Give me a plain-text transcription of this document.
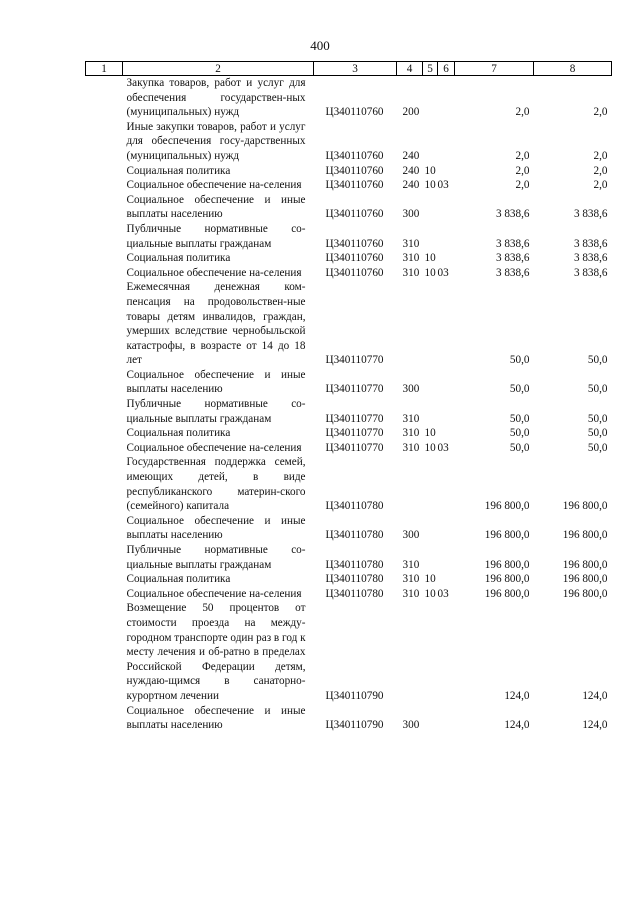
400
1	2	3	4	5	6	7	8
	Закупка товаров, работ и услуг для обеспечения государствен-ных (муниципальных) нужд	Ц340110760	200			2,0	2,0
	Иные закупки товаров, работ и услуг для обеспечения госу-дарственных (муниципальных) нужд	Ц340110760	240			2,0	2,0
	Социальная политика	Ц340110760	240	10		2,0	2,0
	Социальное обеспечение на-селения	Ц340110760	240	10	03	2,0	2,0
	Социальное обеспечение и иные выплаты населению	Ц340110760	300			3 838,6	3 838,6
	Публичные нормативные со-циальные выплаты гражданам	Ц340110760	310			3 838,6	3 838,6
	Социальная политика	Ц340110760	310	10		3 838,6	3 838,6
	Социальное обеспечение на-селения	Ц340110760	310	10	03	3 838,6	3 838,6
	Ежемесячная денежная ком-пенсация на продовольствен-ные товары детям инвалидов, граждан, умерших вследствие чернобыльской катастрофы, в возрасте от 14 до 18 лет	Ц340110770				50,0	50,0
	Социальное обеспечение и иные выплаты населению	Ц340110770	300			50,0	50,0
	Публичные нормативные со-циальные выплаты гражданам	Ц340110770	310			50,0	50,0
	Социальная политика	Ц340110770	310	10		50,0	50,0
	Социальное обеспечение на-селения	Ц340110770	310	10	03	50,0	50,0
	Государственная поддержка семей, имеющих детей, в виде республиканского материн-ского (семейного) капитала	Ц340110780				196 800,0	196 800,0
	Социальное обеспечение и иные выплаты населению	Ц340110780	300			196 800,0	196 800,0
	Публичные нормативные со-циальные выплаты гражданам	Ц340110780	310			196 800,0	196 800,0
	Социальная политика	Ц340110780	310	10		196 800,0	196 800,0
	Социальное обеспечение на-селения	Ц340110780	310	10	03	196 800,0	196 800,0
	Возмещение 50 процентов от стоимости проезда на между-городном транспорте один раз в год к месту лечения и об-ратно в пределах Российской Федерации детям, нуждаю-щимся в санаторно-курортном лечении	Ц340110790				124,0	124,0
	Социальное обеспечение и иные выплаты населению	Ц340110790	300			124,0	124,0
